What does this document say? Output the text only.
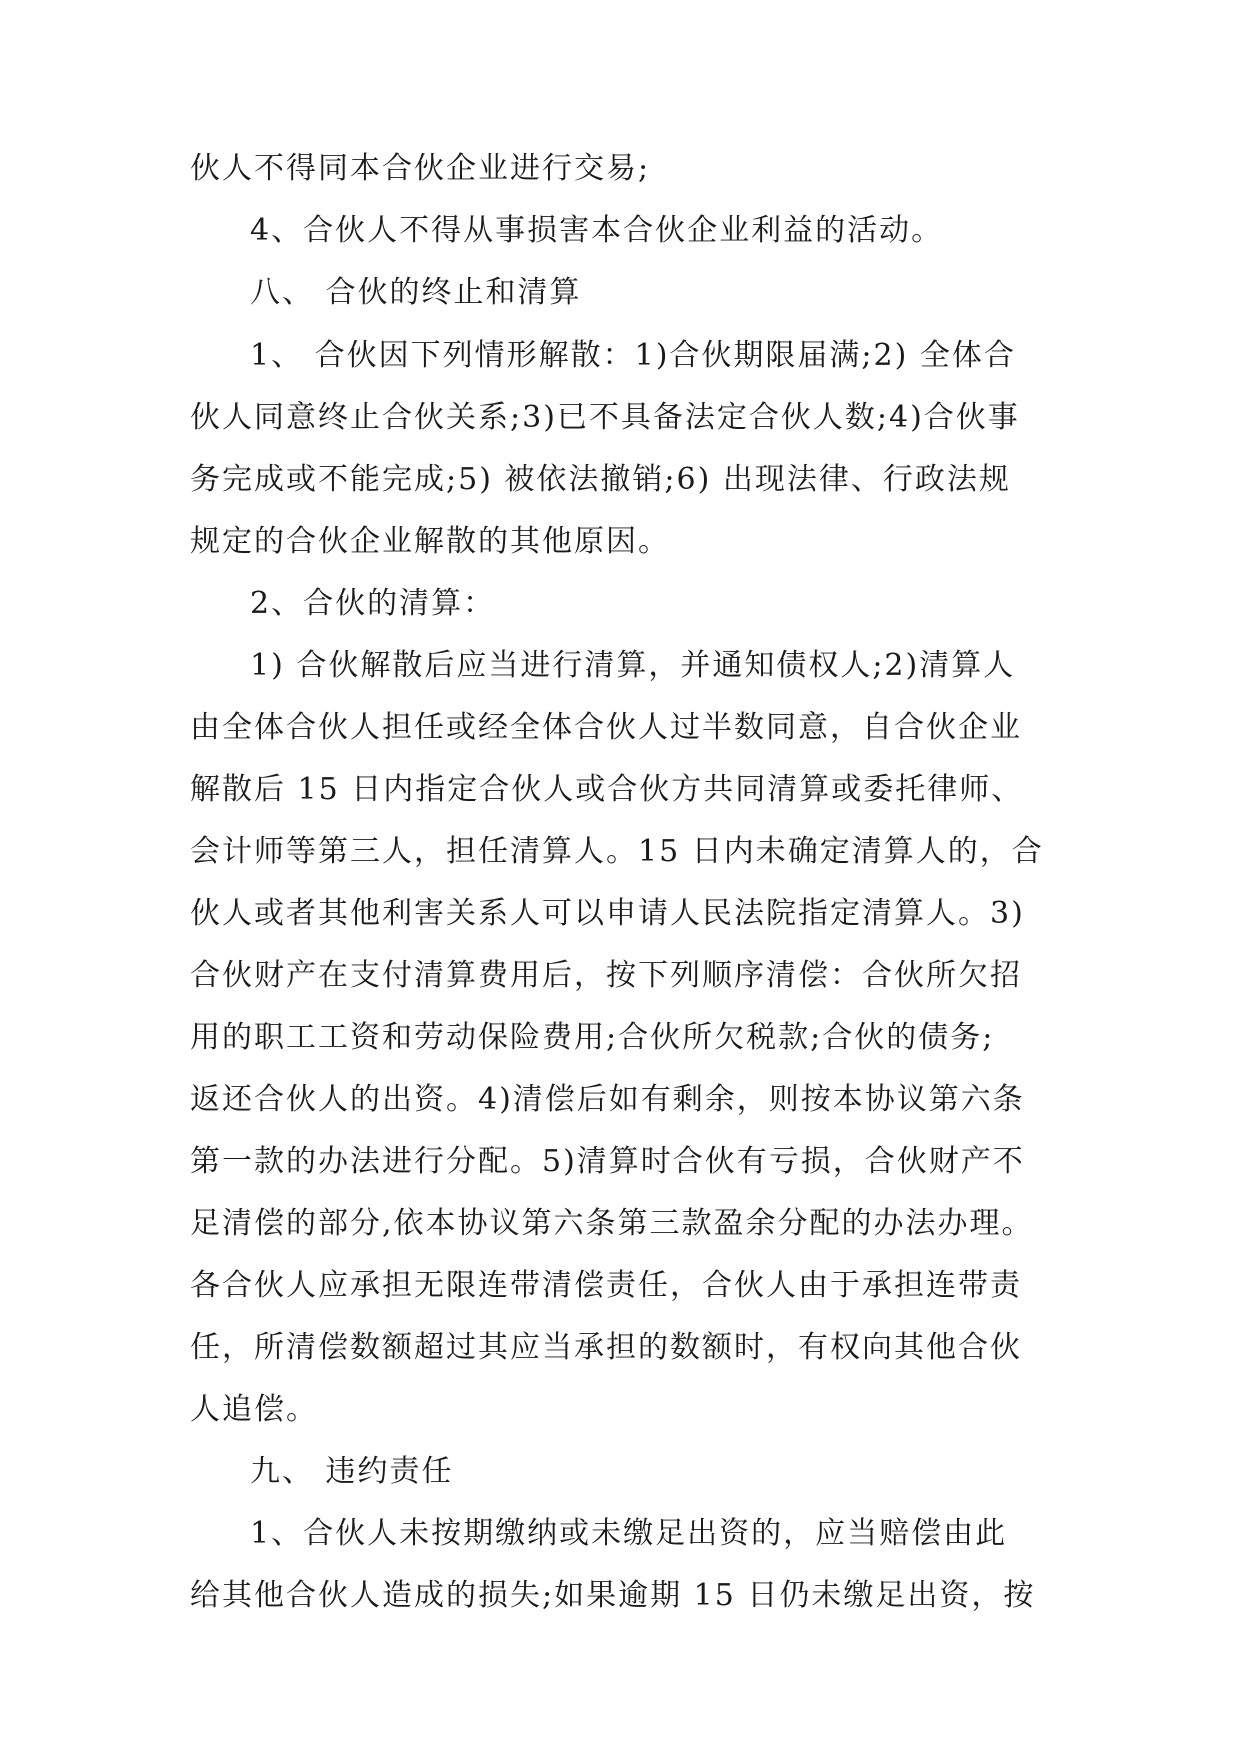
伙人不得同本合伙企业进行交易;
4、合伙人不得从事损害本合伙企业利益的活动。
八、 合伙的终止和清算
1、 合伙因下列情形解散：1)合伙期限届满;2) 全体合
伙人同意终止合伙关系;3)已不具备法定合伙人数;4)合伙事
务完成或不能完成;5) 被依法撤销;6) 出现法律、行政法规
规定的合伙企业解散的其他原因。
2、合伙的清算：
1) 合伙解散后应当进行清算，并通知债权人;2)清算人
由全体合伙人担任或经全体合伙人过半数同意，自合伙企业
解散后 15 日内指定合伙人或合伙方共同清算或委托律师、
会计师等第三人，担任清算人。15 日内未确定清算人的，合
伙人或者其他利害关系人可以申请人民法院指定清算人。3)
合伙财产在支付清算费用后，按下列顺序清偿：合伙所欠招
用的职工工资和劳动保险费用;合伙所欠税款;合伙的债务;
返还合伙人的出资。4)清偿后如有剩余，则按本协议第六条
第一款的办法进行分配。5)清算时合伙有亏损，合伙财产不
足清偿的部分,依本协议第六条第三款盈余分配的办法办理。
各合伙人应承担无限连带清偿责任，合伙人由于承担连带责
任，所清偿数额超过其应当承担的数额时，有权向其他合伙
人追偿。
九、 违约责任
1、合伙人未按期缴纳或未缴足出资的，应当赔偿由此
给其他合伙人造成的损失;如果逾期 15 日仍未缴足出资，按
